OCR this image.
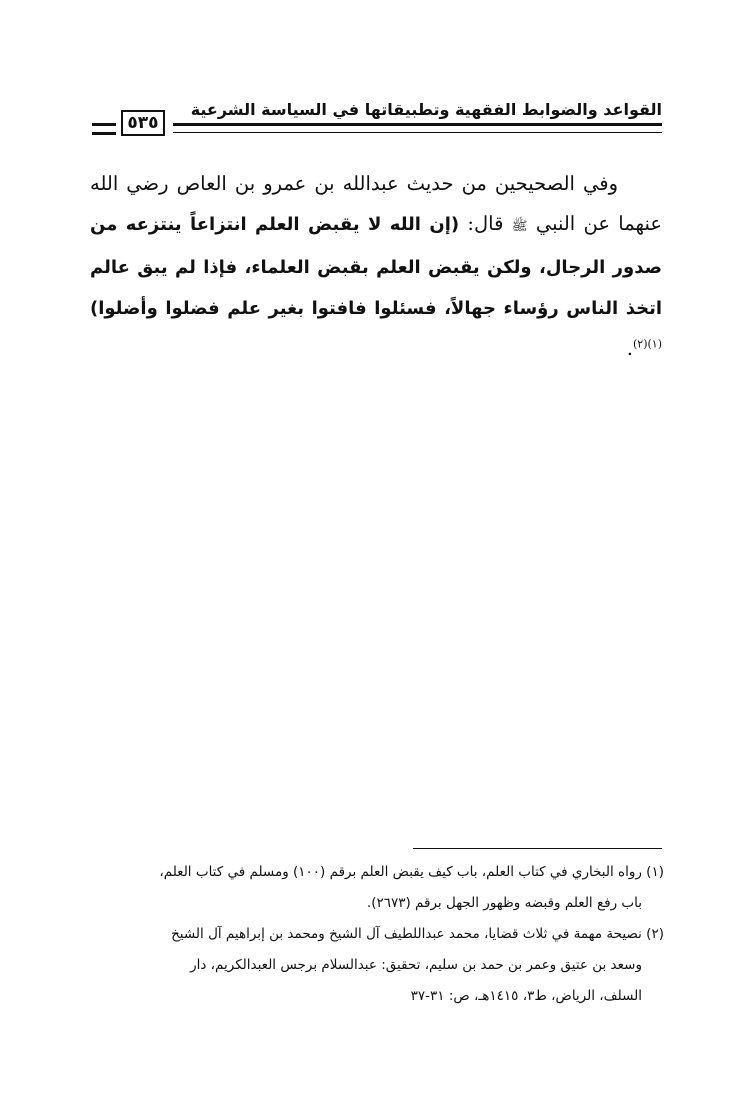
القواعد والضوابط الفقهية وتطبيقاتها في السياسة الشرعية
٥٣٥

وفي الصحيحين من حديث عبدالله بن عمرو بن العاص رضي الله عنهما عن النبي ﷺ قال: (إن الله لا يقبض العلم انتزاعاً ينتزعه من صدور الرجال، ولكن يقبض العلم بقبض العلماء، فإذا لم يبق عالم اتخذ الناس رؤساء جهالاً، فسئلوا فافتوا بغير علم فضلوا وأضلوا)$^{(١)(٢)}$.

(١) رواه البخاري في كتاب العلم، باب كيف يقبض العلم برقم (١٠٠) ومسلم في كتاب العلم،

باب رفع العلم وقبضه وظهور الجهل برقم (٢٦٧٣).

(٢) نصيحة مهمة في ثلاث قضايا، محمد عبداللطيف آل الشيخ ومحمد بن إبراهيم آل الشيخ

وسعد بن عتيق وعمر بن حمد بن سليم، تحقيق: عبدالسلام برجس العبدالكريم، دار

السلف، الرياض، ط٣، ١٤١٥هـ، ص: ٣١-٣٧
